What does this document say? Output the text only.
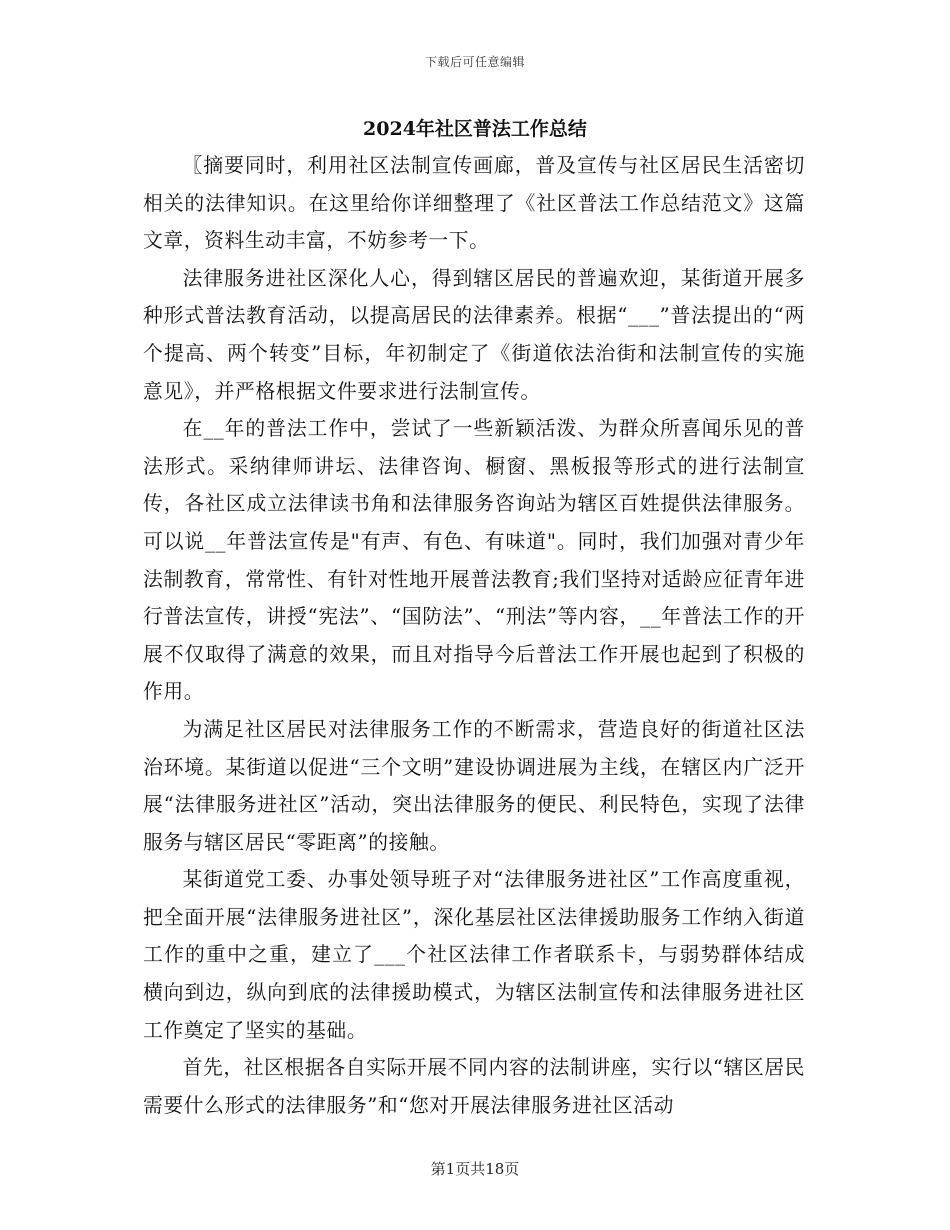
下载后可任意编辑
2024年社区普法工作总结

〖摘要同时，利用社区法制宣传画廊，普及宣传与社区居民生活密切相关的法律知识。在这里给你详细整理了《社区普法工作总结范文》这篇文章，资料生动丰富，不妨参考一下。

法律服务进社区深化人心，得到辖区居民的普遍欢迎，某街道开展多种形式普法教育活动，以提高居民的法律素养。根据“___”普法提出的“两个提高、两个转变”目标，年初制定了《街道依法治街和法制宣传的实施意见》，并严格根据文件要求进行法制宣传。

在__年的普法工作中，尝试了一些新颖活泼、为群众所喜闻乐见的普法形式。采纳律师讲坛、法律咨询、橱窗、黑板报等形式的进行法制宣传，各社区成立法律读书角和法律服务咨询站为辖区百姓提供法律服务。可以说__年普法宣传是"有声、有色、有味道"。同时，我们加强对青少年法制教育，常常性、有针对性地开展普法教育;我们坚持对适龄应征青年进行普法宣传，讲授“宪法”、“国防法”、“刑法”等内容，__年普法工作的开展不仅取得了满意的效果，而且对指导今后普法工作开展也起到了积极的作用。

为满足社区居民对法律服务工作的不断需求，营造良好的街道社区法治环境。某街道以促进“三个文明”建设协调进展为主线，在辖区内广泛开展“法律服务进社区”活动，突出法律服务的便民、利民特色，实现了法律服务与辖区居民“零距离”的接触。

某街道党工委、办事处领导班子对“法律服务进社区”工作高度重视，把全面开展“法律服务进社区”，深化基层社区法律援助服务工作纳入街道工作的重中之重，建立了___个社区法律工作者联系卡，与弱势群体结成横向到边，纵向到底的法律援助模式，为辖区法制宣传和法律服务进社区工作奠定了坚实的基础。

首先，社区根据各自实际开展不同内容的法制讲座，实行以“辖区居民需要什么形式的法律服务”和“您对开展法律服务进社区活动

第1页共18页
